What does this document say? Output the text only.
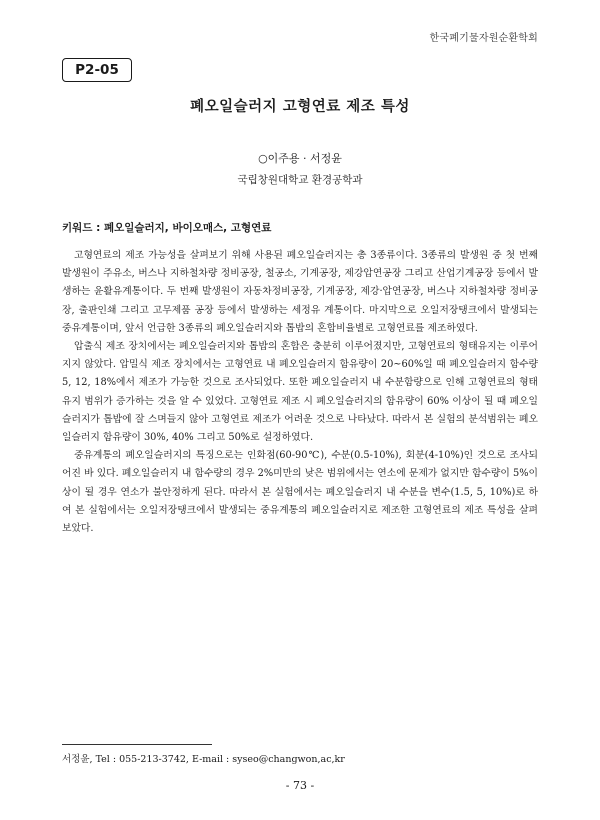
한국폐기물자원순환학회
P2-05
폐오일슬러지 고형연료 제조 특성
○이주용 · 서정윤
국립창원대학교 환경공학과
키워드 : 폐오일슬러지, 바이오매스, 고형연료

고형연료의 제조 가능성을 살펴보기 위해 사용된 폐오일슬러지는 총 3종류이다. 3종류의 발생원 중 첫 번째 발생원이 주유소, 버스나 지하철차량 정비공장, 철공소, 기계공장, 제강압연공장 그리고 산업기계공장 등에서 발생하는 윤활유계통이다. 두 번째 발생원이 자동차정비공장, 기계공장, 제강·압연공장, 버스나 지하철차량 정비공장, 출판인쇄 그리고 고무제품 공장 등에서 발생하는 세정유 계통이다. 마지막으로 오일저장탱크에서 발생되는 중유계통이며, 앞서 언급한 3종류의 폐오일슬러지와 톱밥의 혼합비율별로 고형연료를 제조하였다.

압출식 제조 장치에서는 폐오일슬러지와 톱밥의 혼합은 충분히 이루어졌지만, 고형연료의 형태유지는 이루어지지 않았다. 압밀식 제조 장치에서는 고형연료 내 폐오일슬러지 함유량이 20~60%일 때 폐오일슬러지 함수량 5, 12, 18%에서 제조가 가능한 것으로 조사되었다. 또한 폐오일슬러지 내 수분함량으로 인해 고형연료의 형태유지 범위가 증가하는 것을 알 수 있었다. 고형연료 제조 시 폐오일슬러지의 함유량이 60% 이상이 될 때 폐오일슬러지가 톱밥에 잘 스며들지 않아 고형연료 제조가 어려운 것으로 나타났다. 따라서 본 실험의 분석범위는 폐오일슬러지 함유량이 30%, 40% 그리고 50%로 설정하였다.

중유계통의 폐오일슬러지의 특징으로는 인화점(60-90℃), 수분(0.5-10%), 회분(4-10%)인 것으로 조사되어진 바 있다. 폐오일슬러지 내 함수량의 경우 2%미만의 낮은 범위에서는 연소에 문제가 없지만 함수량이 5%이상이 될 경우 연소가 불안정하게 된다. 따라서 본 실험에서는 폐오일슬러지 내 수분을 변수(1.5, 5, 10%)로 하여 본 실험에서는 오일저장탱크에서 발생되는 중유계통의 폐오일슬러지로 제조한 고형연료의 제조 특성을 살펴보았다.

서정윤, Tel : 055-213-3742, E-mail : syseo@changwon,ac,kr
- 73 -
